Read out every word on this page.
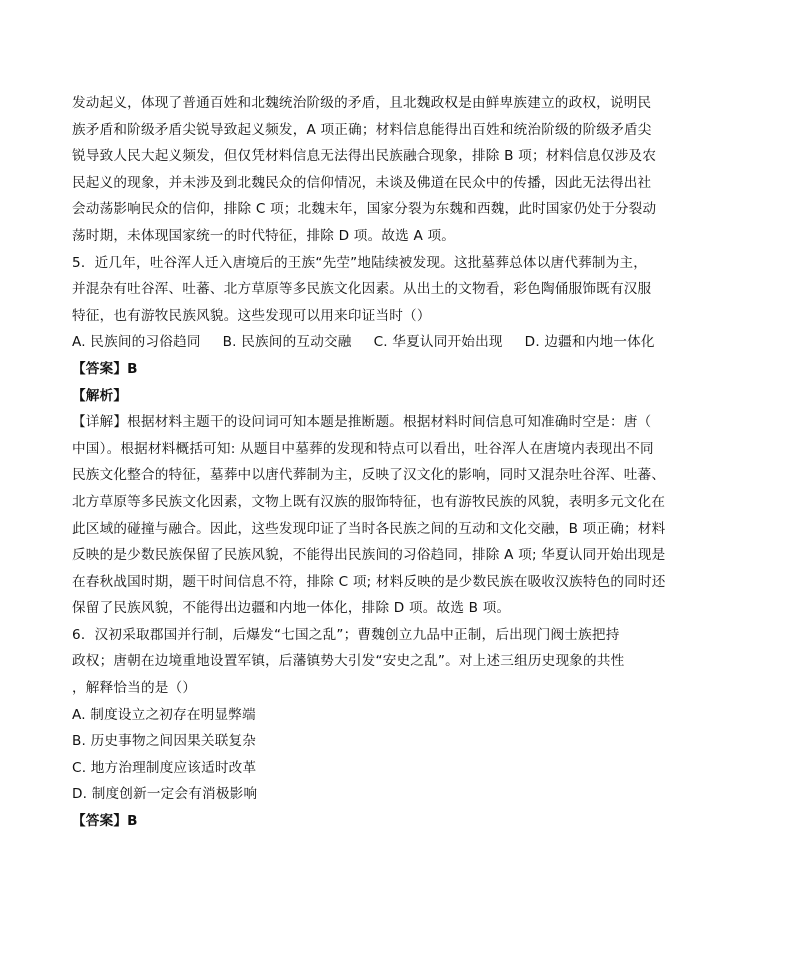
发动起义，体现了普通百姓和北魏统治阶级的矛盾，且北魏政权是由鲜卑族建立的政权，说明民
族矛盾和阶级矛盾尖锐导致起义频发，A 项正确；材料信息能得出百姓和统治阶级的阶级矛盾尖
锐导致人民大起义频发，但仅凭材料信息无法得出民族融合现象，排除 B 项；材料信息仅涉及农
民起义的现象，并未涉及到北魏民众的信仰情况，未谈及佛道在民众中的传播，因此无法得出社
会动荡影响民众的信仰，排除 C 项；北魏末年，国家分裂为东魏和西魏，此时国家仍处于分裂动
荡时期，未体现国家统一的时代特征，排除 D 项。故选 A 项。
5．近几年，吐谷浑人迁入唐境后的王族“先茔”地陆续被发现。这批墓葬总体以唐代葬制为主，
并混杂有吐谷浑、吐蕃、北方草原等多民族文化因素。从出土的文物看，彩色陶俑服饰既有汉服
特征，也有游牧民族风貌。这些发现可以用来印证当时（）
A. 民族间的习俗趋同 B. 民族间的互动交融 C. 华夏认同开始出现 D. 边疆和内地一体化
【答案】B
【解析】
【详解】根据材料主题干的设问词可知本题是推断题。根据材料时间信息可知准确时空是：唐（
中国）。根据材料概括可知: 从题目中墓葬的发现和特点可以看出，吐谷浑人在唐境内表现出不同
民族文化整合的特征，墓葬中以唐代葬制为主，反映了汉文化的影响，同时又混杂吐谷浑、吐蕃、
北方草原等多民族文化因素，文物上既有汉族的服饰特征，也有游牧民族的风貌，表明多元文化在
此区域的碰撞与融合。因此，这些发现印证了当时各民族之间的互动和文化交融，B 项正确；材料
反映的是少数民族保留了民族风貌，不能得出民族间的习俗趋同，排除 A 项; 华夏认同开始出现是
在春秋战国时期，题干时间信息不符，排除 C 项; 材料反映的是少数民族在吸收汉族特色的同时还
保留了民族风貌，不能得出边疆和内地一体化，排除 D 项。故选 B 项。
6．汉初采取郡国并行制，后爆发“七国之乱”；曹魏创立九品中正制，后出现门阀士族把持
政权；唐朝在边境重地设置军镇，后藩镇势大引发“安史之乱”。对上述三组历史现象的共性
，解释恰当的是（）
A. 制度设立之初存在明显弊端
B. 历史事物之间因果关联复杂
C. 地方治理制度应该适时改革
D. 制度创新一定会有消极影响
【答案】B
